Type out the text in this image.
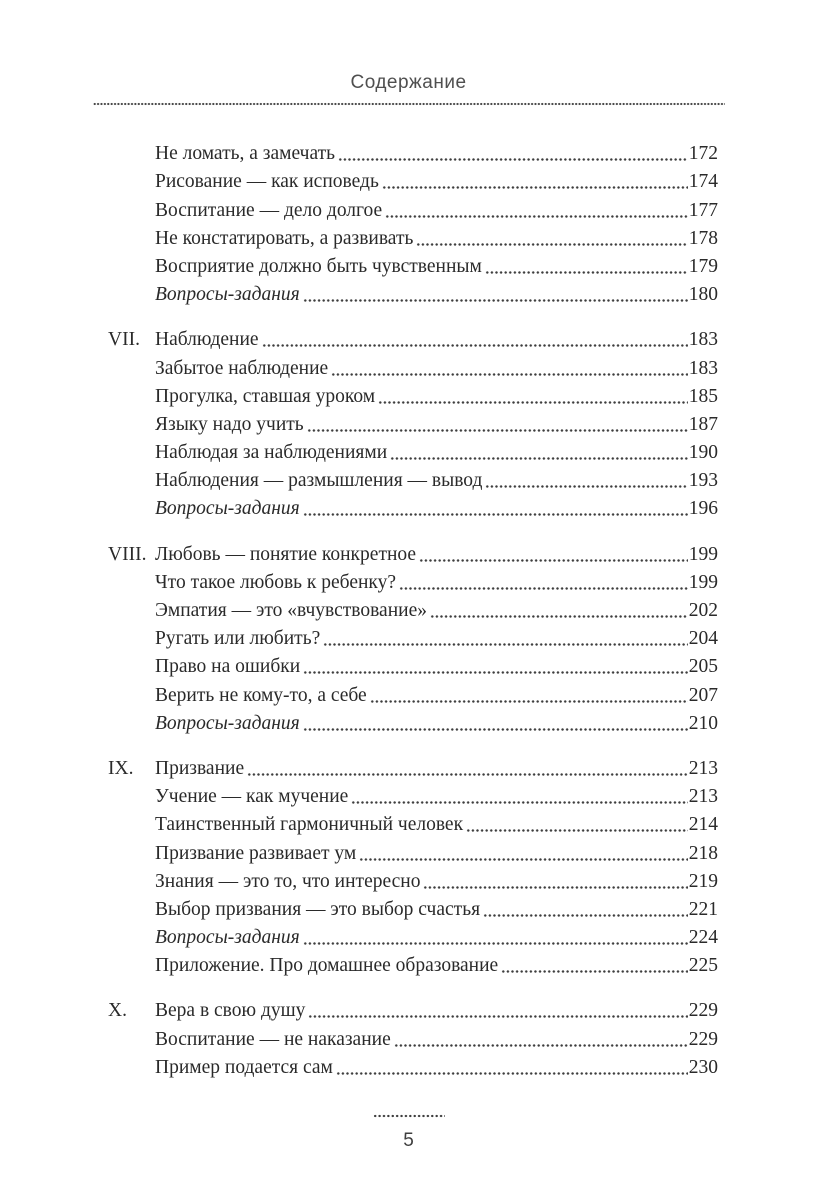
Содержание
Не ломать, а замечать	172
Рисование — как исповедь	174
Воспитание — дело долгое	177
Не констатировать, а развивать	178
Восприятие должно быть чувственным	179
Вопросы-задания	180
VII. Наблюдение	183
Забытое наблюдение	183
Прогулка, ставшая уроком	185
Языку надо учить	187
Наблюдая за наблюдениями	190
Наблюдения — размышления — вывод	193
Вопросы-задания	196
VIII. Любовь — понятие конкретное	199
Что такое любовь к ребенку?	199
Эмпатия — это «вчувствование»	202
Ругать или любить?	204
Право на ошибки	205
Верить не кому-то, а себе	207
Вопросы-задания	210
IX.	Призвание	213
Учение — как мучение	213
Таинственный гармоничный человек	214
Призвание развивает ум	218
Знания — это то, что интересно	219
Выбор призвания — это выбор счастья	221
Вопросы-задания	224
Приложение. Про домашнее образование	225
X.	Вера в свою душу	229
Воспитание — не наказание	229
Пример подается сам	230
5
